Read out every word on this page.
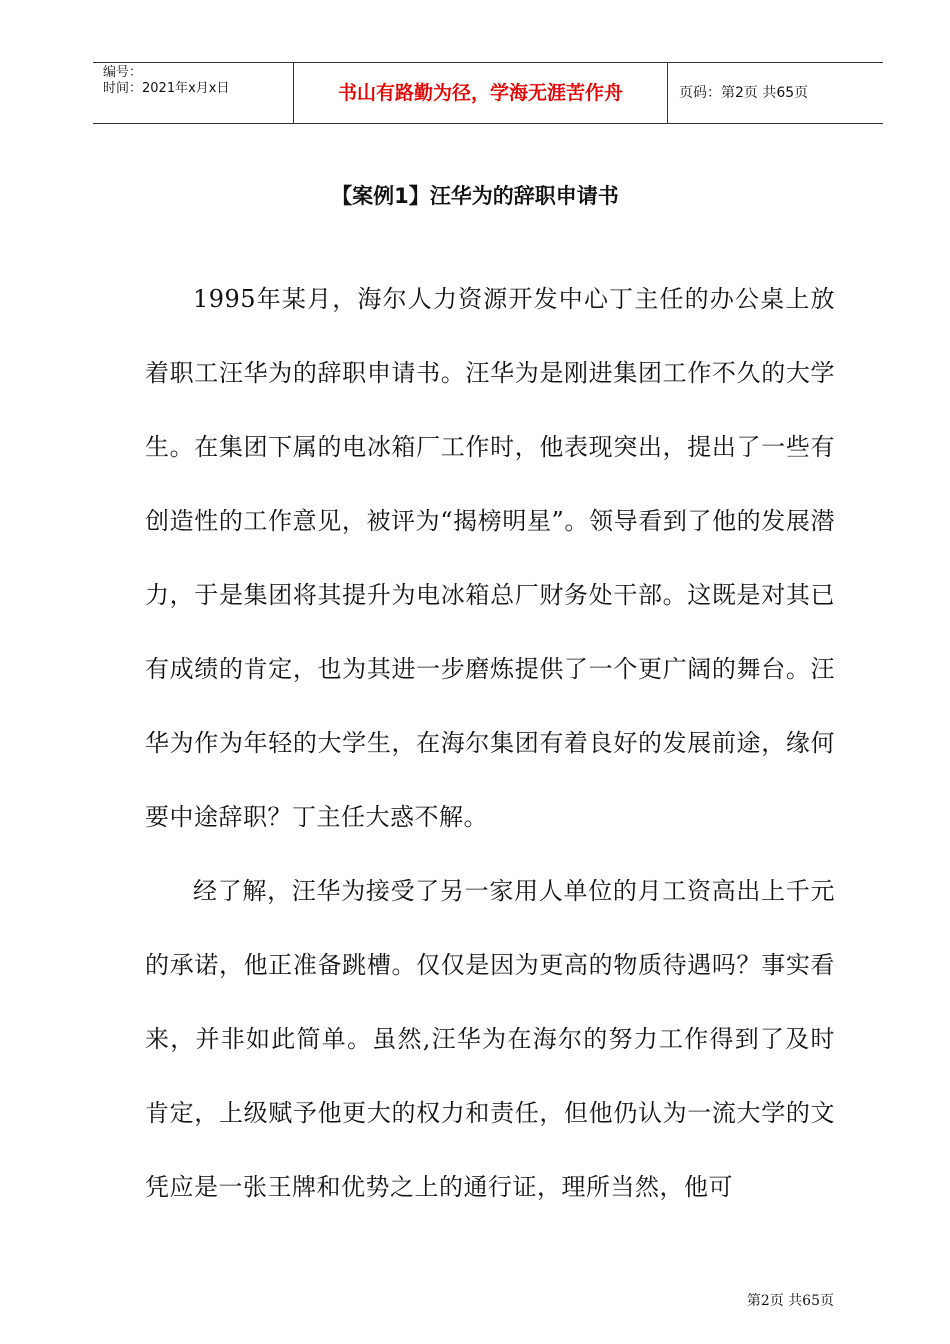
编号：
时间：2021年x月x日	书山有路勤为径，学海无涯苦作舟	页码：第2页 共65页
【案例1】汪华为的辞职申请书

1995年某月，海尔人力资源开发中心丁主任的办公桌上放着职工汪华为的辞职申请书。汪华为是刚进集团工作不久的大学生。在集团下属的电冰箱厂工作时，他表现突出，提出了一些有创造性的工作意见，被评为“揭榜明星”。领导看到了他的发展潜力，于是集团将其提升为电冰箱总厂财务处干部。这既是对其已有成绩的肯定，也为其进一步磨炼提供了一个更广阔的舞台。汪华为作为年轻的大学生，在海尔集团有着良好的发展前途，缘何要中途辞职？丁主任大惑不解。

经了解，汪华为接受了另一家用人单位的月工资高出上千元的承诺，他正准备跳槽。仅仅是因为更高的物质待遇吗？事实看来，并非如此简单。虽然,汪华为在海尔的努力工作得到了及时肯定，上级赋予他更大的权力和责任，但他仍认为一流大学的文凭应是一张王牌和优势之上的通行证，理所当然，他可

第2页 共65页
